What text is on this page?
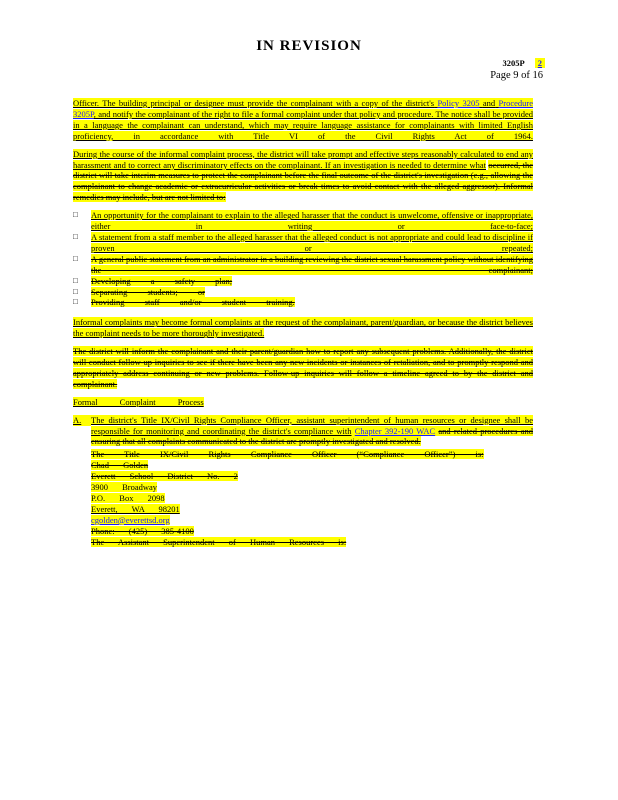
IN REVISION
3205P 2
Page 9 of 16

Officer. The building principal or designee must provide the complainant with a copy of the district's Policy 3205 and Procedure 3205P, and notify the complainant of the right to file a formal complaint under that policy and procedure. The notice shall be provided in a language the complainant can understand, which may require language assistance for complainants with limited English proficiency, in accordance with Title VI of the Civil Rights Act of 1964.

During the course of the informal complaint process, the district will take prompt and effective steps reasonably calculated to end any harassment and to correct any discriminatory effects on the complainant. If an investigation is needed to determine what occurred, the district will take interim measures to protect the complainant before the final outcome of the district's investigation (e.g., allowing the complainant to change academic or extracurricular activities or break times to avoid contact with the alleged aggressor). Informal remedies may include, but are not limited to:

□	An opportunity for the complainant to explain to the alleged harasser that the conduct is unwelcome, offensive or inappropriate, either in writing or face-to-face;
□	A statement from a staff member to the alleged harasser that the alleged conduct is not appropriate and could lead to discipline if proven or repeated;
□	A general public statement from an administrator in a building reviewing the district sexual harassment policy without identifying the complainant;
□	Developing a safety plan;
□	Separating students; or
□	Providing staff and/or student training.

Informal complaints may become formal complaints at the request of the complainant, parent/guardian, or because the district believes the complaint needs to be more thoroughly investigated.

The district will inform the complainant and their parent/guardian how to report any subsequent problems. Additionally, the district will conduct follow-up inquiries to see if there have been any new incidents or instances of retaliation, and to promptly respond and appropriately address continuing or new problems. Follow-up inquiries will follow a timeline agreed to by the district and complainant.

Formal Complaint Process
A.	The district's Title IX/Civil Rights Compliance Officer, assistant superintendent of human resources or designee shall be responsible for monitoring and coordinating the district's compliance with Chapter 392-190 WAC and related procedures and ensuring that all complaints communicated to the district are promptly investigated and resolved.

The Title IX/Civil Rights Compliance Officer (“Compliance Officer”) is:

Chad Golden
Everett School District No. 2
3900 Broadway
P.O. Box 2098
Everett, WA 98201
cgolden@everettsd.org
Phone: (425) 385-4100
The Assistant Superintendent of Human Resources is:
